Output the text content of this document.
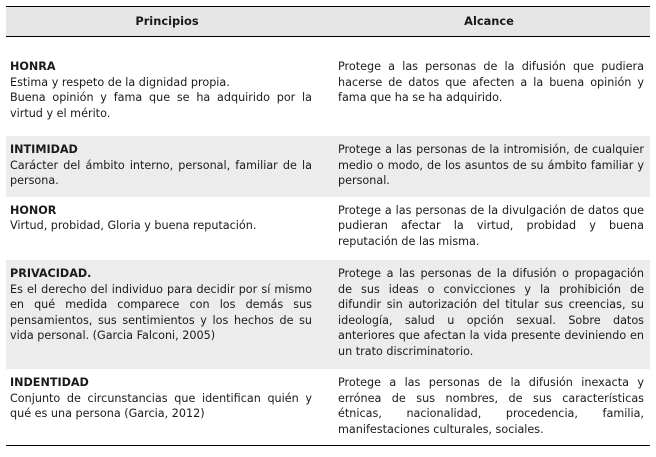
Principios	Alcance

HONRA
Estima y respeto de la dignidad propia.
Buena opinión y fama que se ha adquirido por la virtud y el mérito.	Protege a las personas de la difusión que pudiera hacerse de datos que afecten a la buena opinión y fama que ha se ha adquirido.

INTIMIDAD
Carácter del ámbito interno, personal, familiar de la persona.	Protege a las personas de la intromisión, de cualquier medio o modo, de los asuntos de su ámbito familiar y personal.

HONOR
Virtud, probidad, Gloria y buena reputación.	Protege a las personas de la divulgación de datos que pudieran afectar la virtud, probidad y buena reputación de las misma.

PRIVACIDAD.
Es el derecho del individuo para decidir por sí mismo en qué medida comparece con los demás sus pensamientos, sus sentimientos y los hechos de su vida personal. (Garcia Falconi, 2005)	Protege a las personas de la difusión o propagación de sus ideas o convicciones y la prohibición de difundir sin autorización del titular sus creencias, su ideología, salud u opción sexual. Sobre datos anteriores que afectan la vida presente deviniendo en un trato discriminatorio.

INDENTIDAD
Conjunto de circunstancias que identifican quién y qué es una persona (Garcia, 2012)	Protege a las personas de la difusión inexacta y errónea de sus nombres, de sus características étnicas, nacionalidad, procedencia, familia, manifestaciones culturales, sociales.
